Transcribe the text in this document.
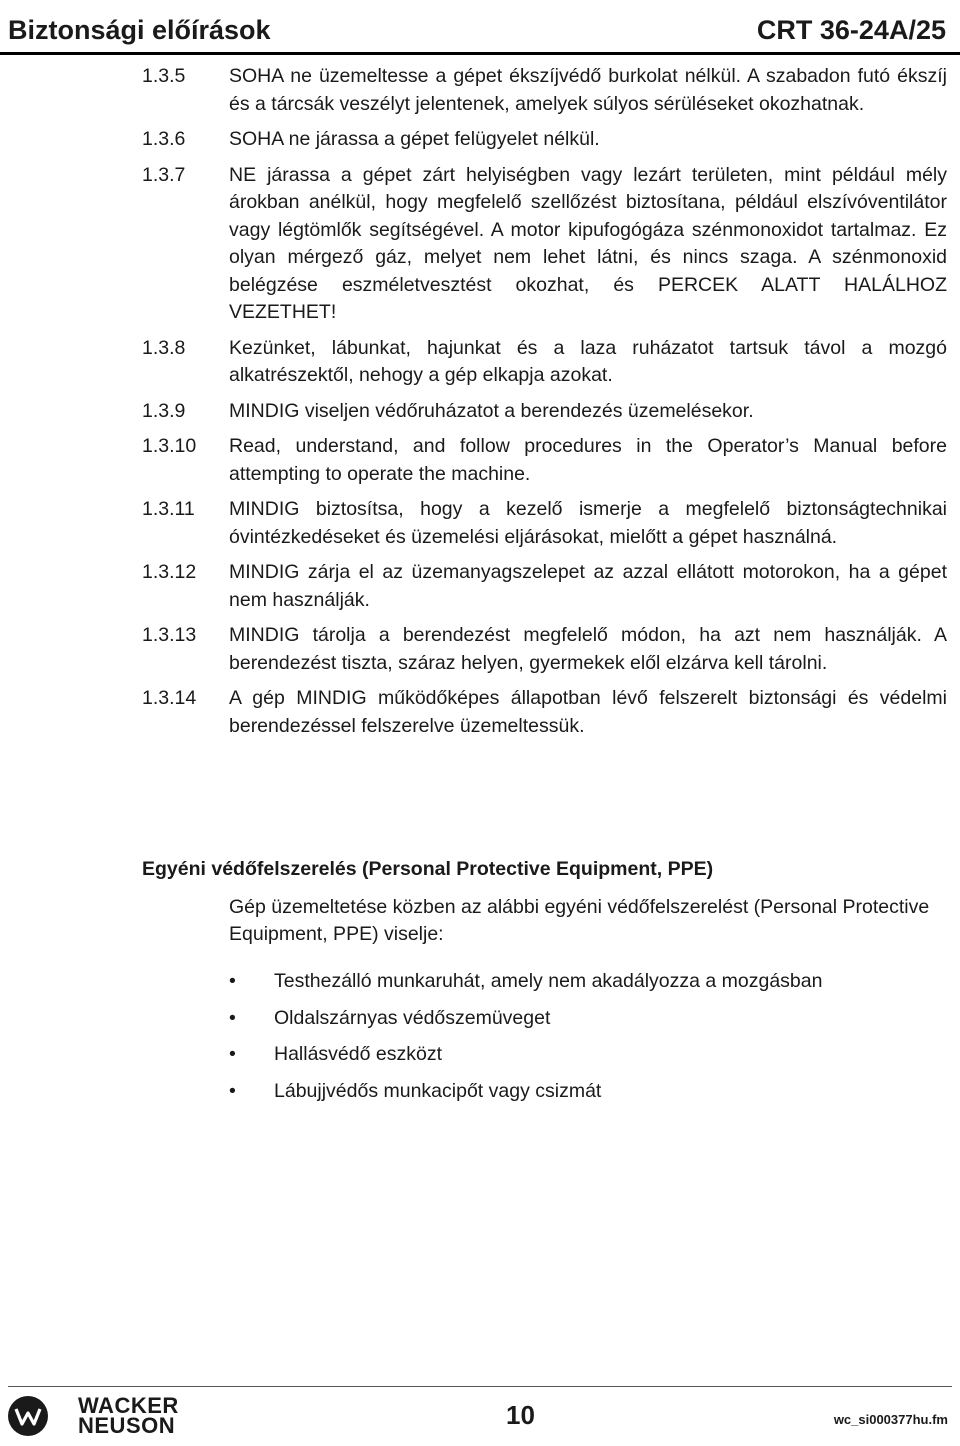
Biztonsági előírások	CRT 36-24A/25
1.3.5	SOHA ne üzemeltesse a gépet ékszíjvédő burkolat nélkül. A szabadon futó ékszíj és a tárcsák veszélyt jelentenek, amelyek súlyos sérüléseket okozhatnak.
1.3.6	SOHA ne járassa a gépet felügyelet nélkül.
1.3.7	NE járassa a gépet zárt helyiségben vagy lezárt területen, mint például mély árokban anélkül, hogy megfelelő szellőzést biztosítana, például elszívóventilátor vagy légtömlők segítségével. A motor kipufogógáza szénmonoxidot tartalmaz. Ez olyan mérgező gáz, melyet nem lehet látni, és nincs szaga. A szénmonoxid belégzése eszméletvesztést okozhat, és PERCEK ALATT HALÁLHOZ VEZETHET!
1.3.8	Kezünket, lábunkat, hajunkat és a laza ruházatot tartsuk távol a mozgó alkatrészektől, nehogy a gép elkapja azokat.
1.3.9	MINDIG viseljen védőruházatot a berendezés üzemelésekor.
1.3.10	Read, understand, and follow procedures in the Operator’s Manual before attempting to operate the machine.
1.3.11	MINDIG biztosítsa, hogy a kezelő ismerje a megfelelő biztonságtechnikai óvintézkedéseket és üzemelési eljárásokat, mielőtt a gépet használná.
1.3.12	MINDIG zárja el az üzemanyagszelepet az azzal ellátott motorokon, ha a gépet nem használják.
1.3.13	MINDIG tárolja a berendezést megfelelő módon, ha azt nem használják. A berendezést tiszta, száraz helyen, gyermekek elől elzárva kell tárolni.
1.3.14	A gép MINDIG működőképes állapotban lévő felszerelt biztonsági és védelmi berendezéssel felszerelve üzemeltessük.
Egyéni védőfelszerelés (Personal Protective Equipment, PPE)
Gép üzemeltetése közben az alábbi egyéni védőfelszerelést (Personal Protective Equipment, PPE) viselje:
•	Testhezálló munkaruhát, amely nem akadályozza a mozgásban
•	Oldalszárnyas védőszemüveget
•	Hallásvédő eszközt
•	Lábujjvédős munkacipőt vagy csizmát
WACKER
NEUSON	10	wc_si000377hu.fm
